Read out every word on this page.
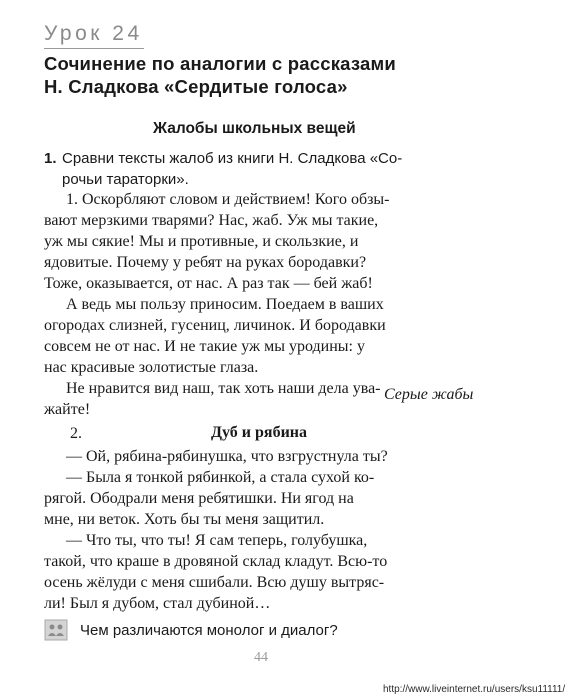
Урок 24
Сочинение по аналогии с рассказами
Н. Сладкова «Сердитые голоса»
Жалобы школьных вещей
1. Сравни тексты жалоб из книги Н. Сладкова «Со-
рочьи тараторки».
1. Оскорбляют словом и действием! Кого обзы-
вают мерзкими тварями? Нас, жаб. Уж мы такие,
уж мы сякие! Мы и противные, и скользкие, и
ядовитые. Почему у ребят на руках бородавки?
Тоже, оказывается, от нас. А раз так — бей жаб!
А ведь мы пользу приносим. Поедаем в ваших
огородах слизней, гусениц, личинок. И бородавки
совсем не от нас. И не такие уж мы уродины: у
нас красивые золотистые глаза.
Не нравится вид наш, так хоть наши дела ува-
жайте!
Серые жабы
2.	Дуб и рябина
— Ой, рябина-рябинушка, что взгрустнула ты?
— Была я тонкой рябинкой, а стала сухой ко-
рягой. Ободрали меня ребятишки. Ни ягод на
мне, ни веток. Хоть бы ты меня защитил.
— Что ты, что ты! Я сам теперь, голубушка,
такой, что краше в дровяной склад кладут. Всю-то
осень жёлуди с меня сшибали. Всю душу вытряс-
ли! Был я дубом, стал дубиной…
Чем различаются монолог и диалог?
44
http://www.liveinternet.ru/users/ksu11111/
